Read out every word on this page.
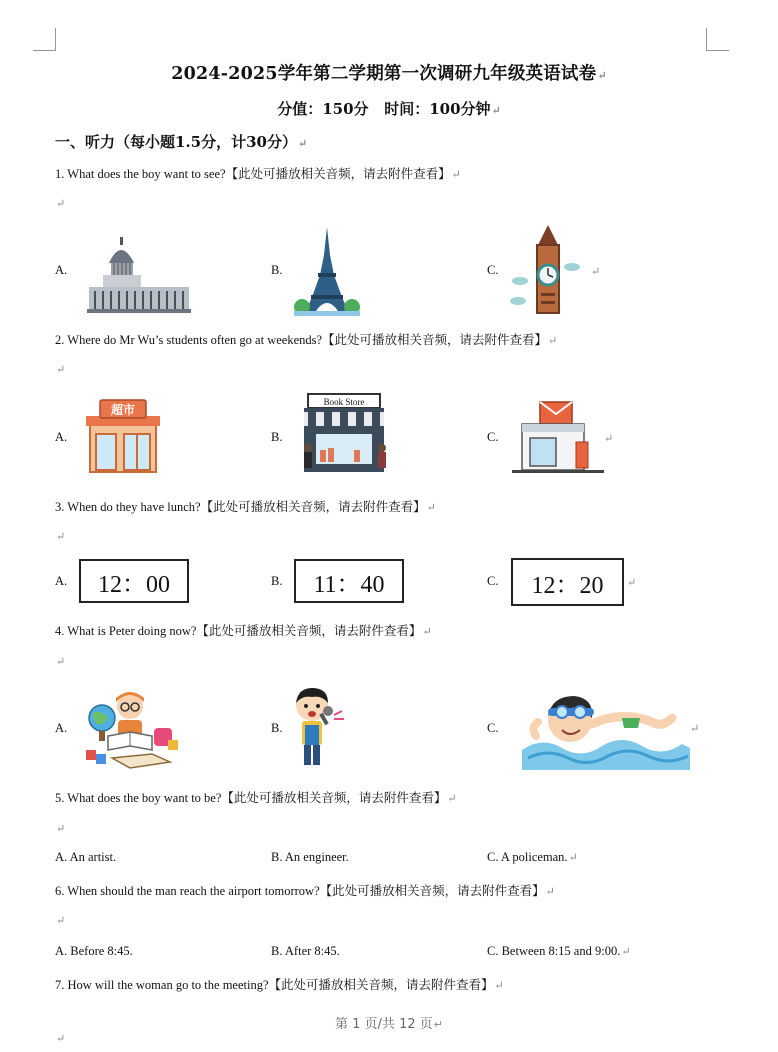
2024-2025学年第二学期第一次调研九年级英语试卷↵
分值：150分   时间：100分钟↵
一、听力（每小题1.5分，计30分）↵
1. What does the boy want to see?【此处可播放相关音频，请去附件查看】↵
↵
A.	B.	C.	↵
2. Where do Mr Wu’s students often go at weekends?【此处可播放相关音频，请去附件查看】↵
↵
A.	B.	C.
超市
Book Store
↵
3. When do they have lunch?【此处可播放相关音频，请去附件查看】↵
↵
A.	B.	C.
12：00	11：40	12：20	↵
4. What is Peter doing now?【此处可播放相关音频，请去附件查看】↵
↵
A.	B.	C.	↵
5. What does the boy want to be?【此处可播放相关音频，请去附件查看】↵
↵
A. An artist.	B. An engineer.	C. A policeman.↵
6. When should the man reach the airport tomorrow?【此处可播放相关音频，请去附件查看】↵
↵
A. Before 8:45.	B. After 8:45.	C. Between 8:15 and 9:00.↵
7. How will the woman go to the meeting?【此处可播放相关音频，请去附件查看】↵
第 1 页/共 12 页↵
↵
